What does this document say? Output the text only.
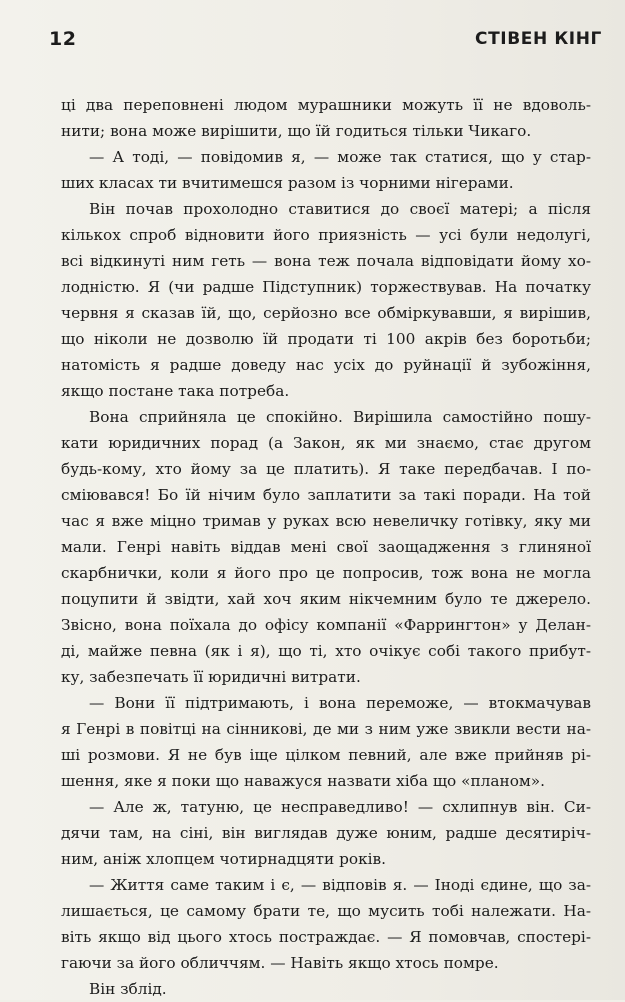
12	СТІВЕН КІНГ
ці два переповнені людом мурашники можуть її не вдоволь-
нити; вона може вирішити, що їй годиться тільки Чикаго.
— А тоді, — повідомив я, — може так статися, що у стар-
ших класах ти вчитимешся разом із чорними нігерами.
Він почав прохолодно ставитися до своєї матері; а після
кількох спроб відновити його приязність — усі були недолугі,
всі відкинуті ним геть — вона теж почала відповідати йому хо-
лодністю. Я (чи радше Підступник) торжествував. На початку
червня я сказав їй, що, серйозно все обміркувавши, я вирішив,
що ніколи не дозволю їй продати ті 100 акрів без боротьби;
натомість я радше доведу нас усіх до руйнації й зубожіння,
якщо постане така потреба.
Вона сприйняла це спокійно. Вирішила самостійно пошу-
кати юридичних порад (а Закон, як ми знаємо, стає другом
будь-кому, хто йому за це платить). Я таке передбачав. І по-
сміювався! Бо їй нічим було заплатити за такі поради. На той
час я вже міцно тримав у руках всю невеличку готівку, яку ми
мали. Генрі навіть віддав мені свої заощадження з глиняної
скарбнички, коли я його про це попросив, тож вона не могла
поцупити й звідти, хай хоч яким нікчемним було те джерело.
Звісно, вона поїхала до офісу компанії «Фаррингтон» у Делан-
ді, майже певна (як і я), що ті, хто очікує собі такого прибут-
ку, забезпечать її юридичні витрати.
— Вони її підтримають, і вона переможе, — втокмачував
я Генрі в повітці на сінникові, де ми з ним уже звикли вести на-
ші розмови. Я не був іще цілком певний, але вже прийняв рі-
шення, яке я поки що наважуся назвати хіба що «планом».
— Але ж, татуню, це несправедливо! — схлипнув він. Си-
дячи там, на сіні, він виглядав дуже юним, радше десятиріч-
ним, аніж хлопцем чотирнадцяти років.
— Життя саме таким і є, — відповів я. — Іноді єдине, що за-
лишається, це самому брати те, що мусить тобі належати. На-
віть якщо від цього хтось постраждає. — Я помовчав, спостері-
гаючи за його обличчям. — Навіть якщо хтось помре.
Він зблід.
